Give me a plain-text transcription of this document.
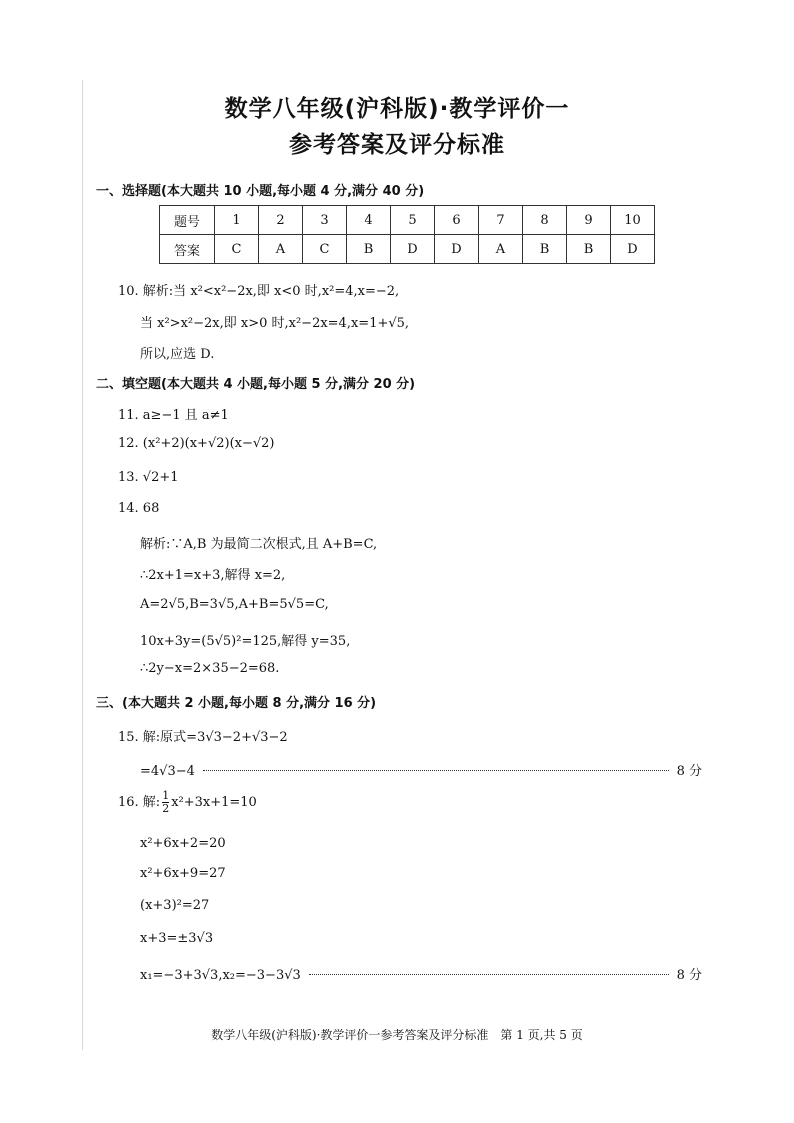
数学八年级(沪科版)·教学评价一
参考答案及评分标准
一、选择题(本大题共 10 小题,每小题 4 分,满分 40 分)
题号	1	2	3	4	5	6	7	8	9	10
答案	C	A	C	B	D	D	A	B	B	D
10. 解析:当 x²<x²−2x,即 x<0 时,x²=4,x=−2,
当 x²>x²−2x,即 x>0 时,x²−2x=4,x=1+√5,
所以,应选 D.
二、填空题(本大题共 4 小题,每小题 5 分,满分 20 分)
11. a≥−1 且 a≠1
12. (x²+2)(x+√2)(x−√2)
13. √2+1
14. 68
解析:∵A,B 为最简二次根式,且 A+B=C,
∴2x+1=x+3,解得 x=2,
A=2√5,B=3√5,A+B=5√5=C,
10x+3y=(5√5)²=125,解得 y=35,
∴2y−x=2×35−2=68.
三、(本大题共 2 小题,每小题 8 分,满分 16 分)
15. 解:原式=3√3−2+√3−2
=4√3−4	8 分
16. 解: $\frac{1}{2} x^2+3x+1=10$
x²+6x+2=20
x²+6x+9=27
(x+3)²=27
x+3=±3√3
x₁=−3+3√3,x₂=−3−3√3	8 分
数学八年级(沪科版)·教学评价一参考答案及评分标准　第 1 页,共 5 页
